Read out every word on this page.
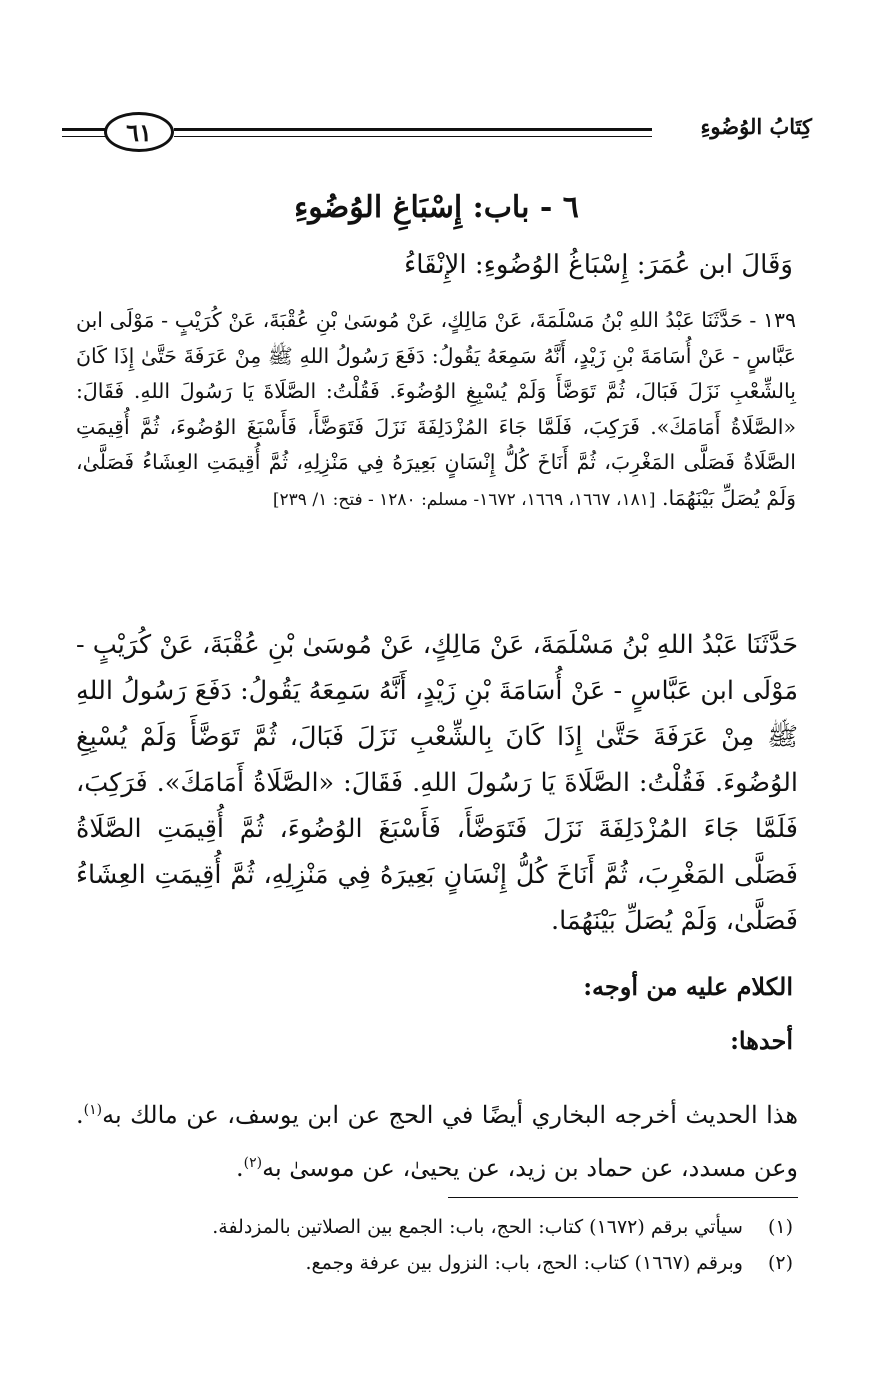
٦١	كِتَابُ الوُضُوءِ
٦ - باب: إِسْبَاغِ الوُضُوءِ
وَقَالَ ابن عُمَرَ: إِسْبَاغُ الوُضُوءِ: الإِنْقَاءُ
١٣٩ - حَدَّثَنَا عَبْدُ اللهِ بْنُ مَسْلَمَةَ، عَنْ مَالِكٍ، عَنْ مُوسَىٰ بْنِ عُقْبَةَ، عَنْ كُرَيْبٍ - مَوْلَى ابن عَبَّاسٍ - عَنْ أُسَامَةَ بْنِ زَيْدٍ، أَنَّهُ سَمِعَهُ يَقُولُ: دَفَعَ رَسُولُ اللهِ ﷺ مِنْ عَرَفَةَ حَتَّىٰ إِذَا كَانَ بِالشِّعْبِ نَزَلَ فَبَالَ، ثُمَّ تَوَضَّأَ وَلَمْ يُسْبِغِ الوُضُوءَ. فَقُلْتُ: الصَّلَاةَ يَا رَسُولَ اللهِ. فَقَالَ: «الصَّلَاةُ أَمَامَكَ». فَرَكِبَ، فَلَمَّا جَاءَ المُزْدَلِفَةَ نَزَلَ فَتَوَضَّأَ، فَأَسْبَغَ الوُضُوءَ، ثُمَّ أُقِيمَتِ الصَّلَاةُ فَصَلَّى المَغْرِبَ، ثُمَّ أَنَاخَ كُلُّ إِنْسَانٍ بَعِيرَهُ فِي مَنْزِلِهِ، ثُمَّ أُقِيمَتِ العِشَاءُ فَصَلَّىٰ، وَلَمْ يُصَلِّ بَيْنَهُمَا. [١٨١، ١٦٦٧، ١٦٦٩، ١٦٧٢- مسلم: ١٢٨٠ - فتح: ١/ ٢٣٩]
حَدَّثَنَا عَبْدُ اللهِ بْنُ مَسْلَمَةَ، عَنْ مَالِكٍ، عَنْ مُوسَىٰ بْنِ عُقْبَةَ، عَنْ كُرَيْبٍ - مَوْلَى ابن عَبَّاسٍ - عَنْ أُسَامَةَ بْنِ زَيْدٍ، أَنَّهُ سَمِعَهُ يَقُولُ: دَفَعَ رَسُولُ اللهِ ﷺ مِنْ عَرَفَةَ حَتَّىٰ إِذَا كَانَ بِالشِّعْبِ نَزَلَ فَبَالَ، ثُمَّ تَوَضَّأَ وَلَمْ يُسْبِغِ الوُضُوءَ. فَقُلْتُ: الصَّلَاةَ يَا رَسُولَ اللهِ. فَقَالَ: «الصَّلَاةُ أَمَامَكَ». فَرَكِبَ، فَلَمَّا جَاءَ المُزْدَلِفَةَ نَزَلَ فَتَوَضَّأَ، فَأَسْبَغَ الوُضُوءَ، ثُمَّ أُقِيمَتِ الصَّلَاةُ فَصَلَّى المَغْرِبَ، ثُمَّ أَنَاخَ كُلُّ إِنْسَانٍ بَعِيرَهُ فِي مَنْزِلِهِ، ثُمَّ أُقِيمَتِ العِشَاءُ فَصَلَّىٰ، وَلَمْ يُصَلِّ بَيْنَهُمَا.
الكلام عليه من أوجه:
أحدها:
هذا الحديث أخرجه البخاري أيضًا في الحج عن ابن يوسف، عن مالك به$^{(١)}$. وعن مسدد، عن حماد بن زيد، عن يحيىٰ، عن موسىٰ به$^{(٢)}$.
(١) سيأتي برقم (١٦٧٢) كتاب: الحج، باب: الجمع بين الصلاتين بالمزدلفة.
(٢) وبرقم (١٦٦٧) كتاب: الحج، باب: النزول بين عرفة وجمع.
